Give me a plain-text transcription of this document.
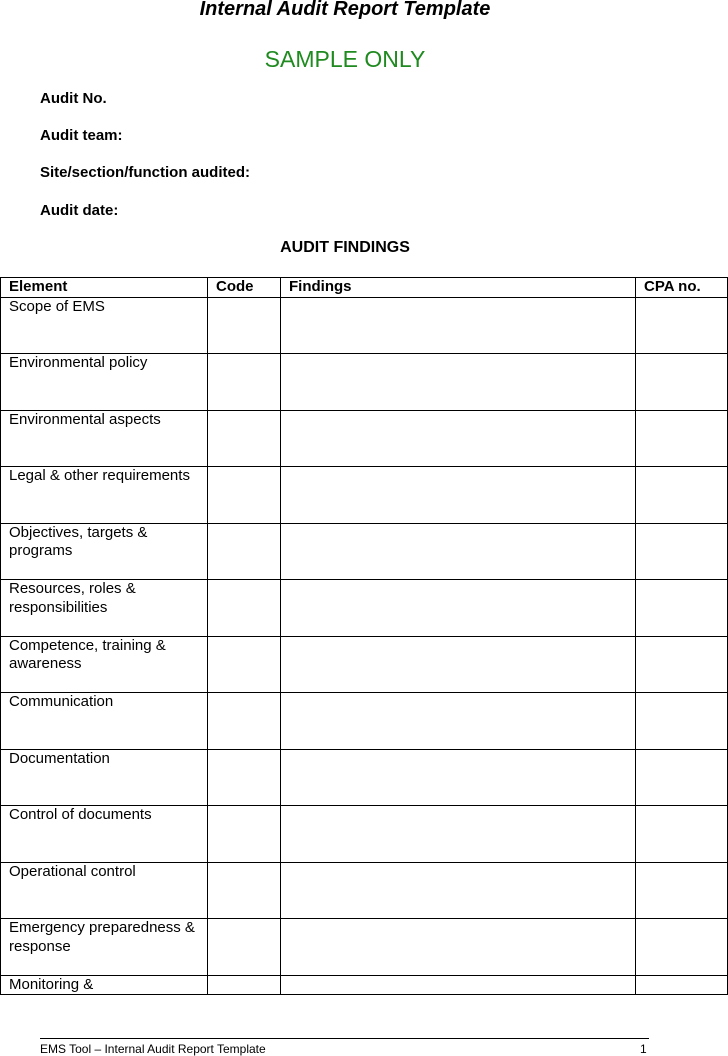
Internal Audit Report Template
SAMPLE ONLY
Audit No.
Audit team:
Site/section/function audited:
Audit date:
AUDIT FINDINGS
Element	Code	Findings	CPA no.
Scope of EMS			
Environmental policy			
Environmental aspects			
Legal & other requirements			
Objectives, targets & programs			
Resources, roles & responsibilities			
Competence, training & awareness			
Communication			
Documentation			
Control of documents			
Operational control			
Emergency preparedness & response			
Monitoring &			
EMS Tool – Internal Audit Report Template	1
